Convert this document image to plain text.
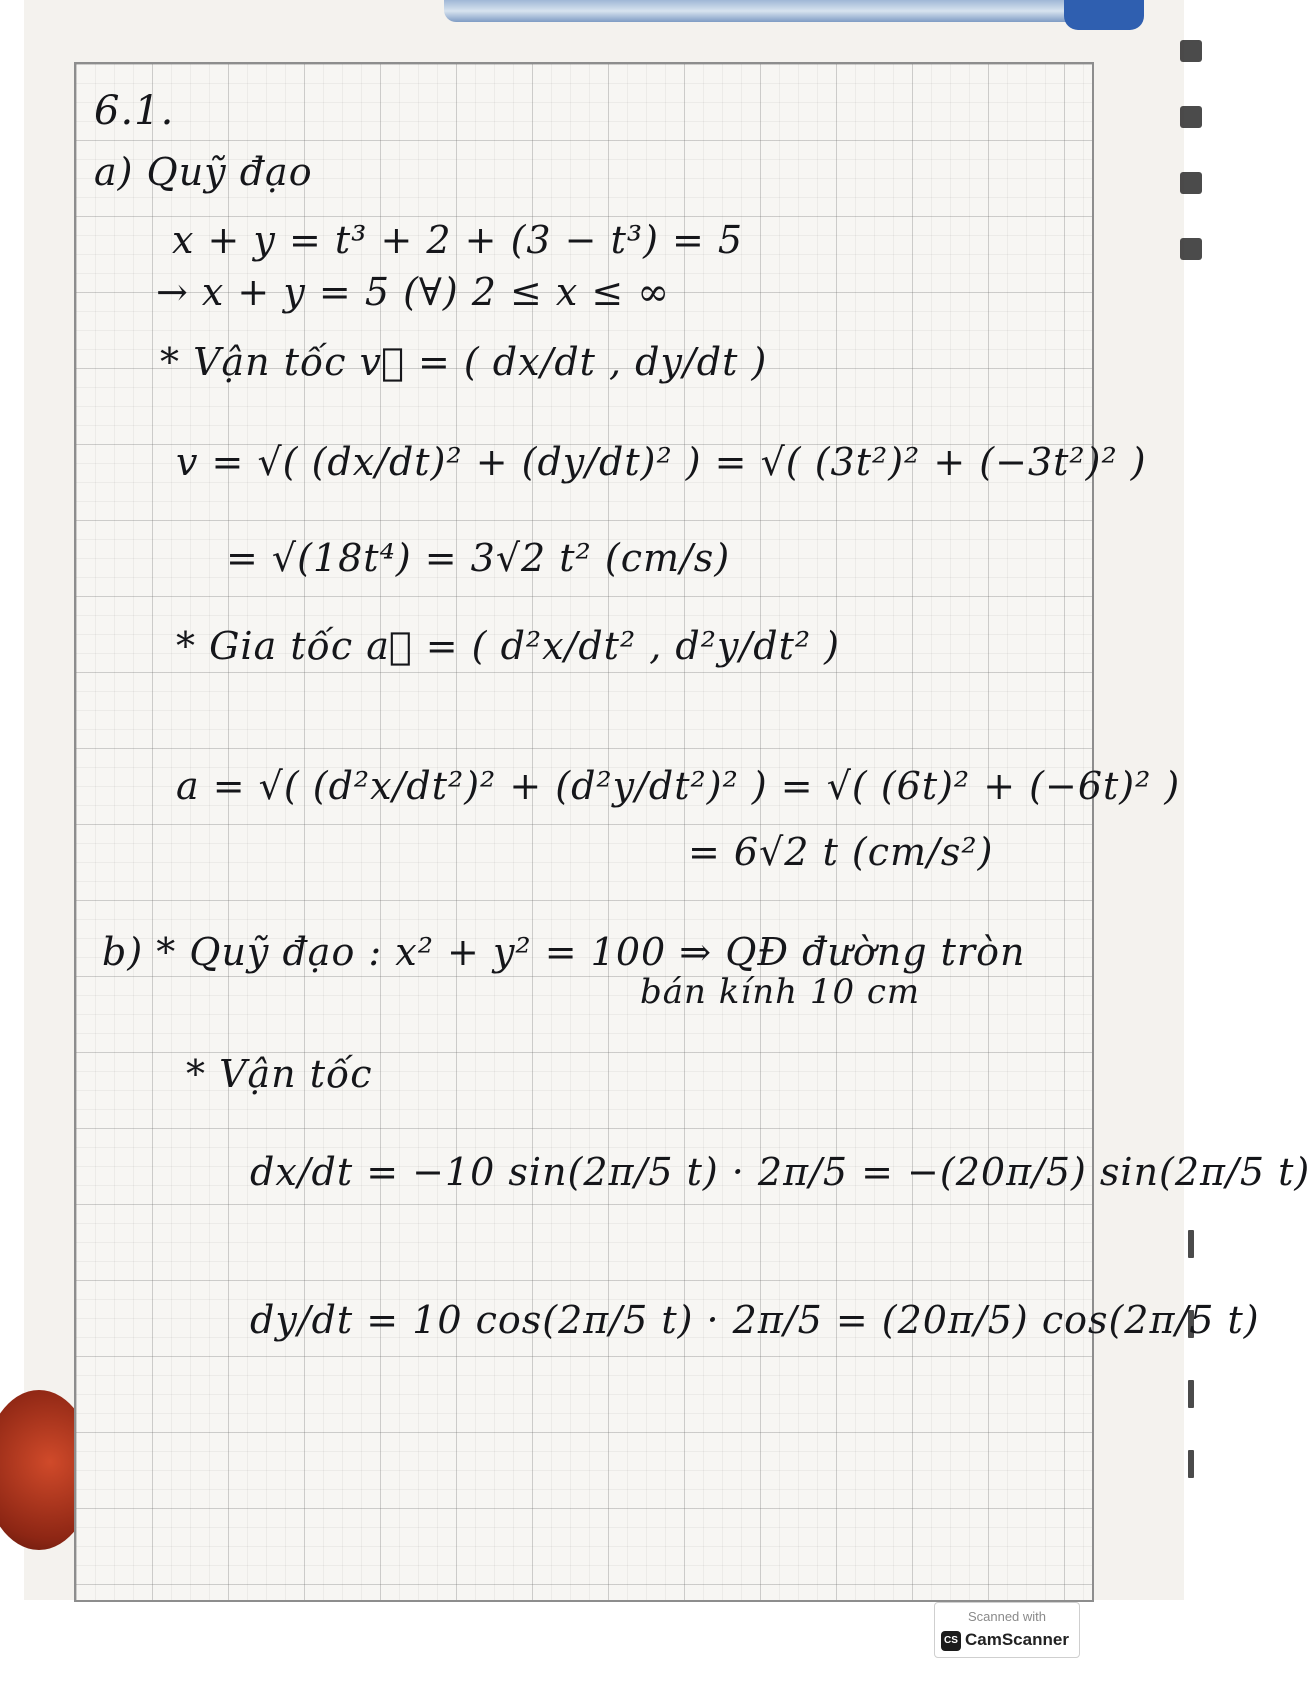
6.1.
a) Quỹ đạo
x + y = t³ + 2 + (3 − t³) = 5
→ x + y = 5 (∀) 2 ≤ x ≤ ∞
* Vận tốc v⃗ = ( dx/dt , dy/dt )
v = √( (dx/dt)² + (dy/dt)² ) = √( (3t²)² + (−3t²)² )
= √(18t⁴) = 3√2 t² (cm/s)
* Gia tốc a⃗ = ( d²x/dt² , d²y/dt² )
a = √( (d²x/dt²)² + (d²y/dt²)² ) = √( (6t)² + (−6t)² )
= 6√2 t (cm/s²)
b) * Quỹ đạo : x² + y² = 100 ⇒ QĐ đường tròn
bán kính 10 cm
* Vận tốc
dx/dt = −10 sin(2π/5 t) · 2π/5 = −(20π/5) sin(2π/5 t)
dy/dt = 10 cos(2π/5 t) · 2π/5 = (20π/5) cos(2π/5 t)
Scanned with
CS CamScanner
